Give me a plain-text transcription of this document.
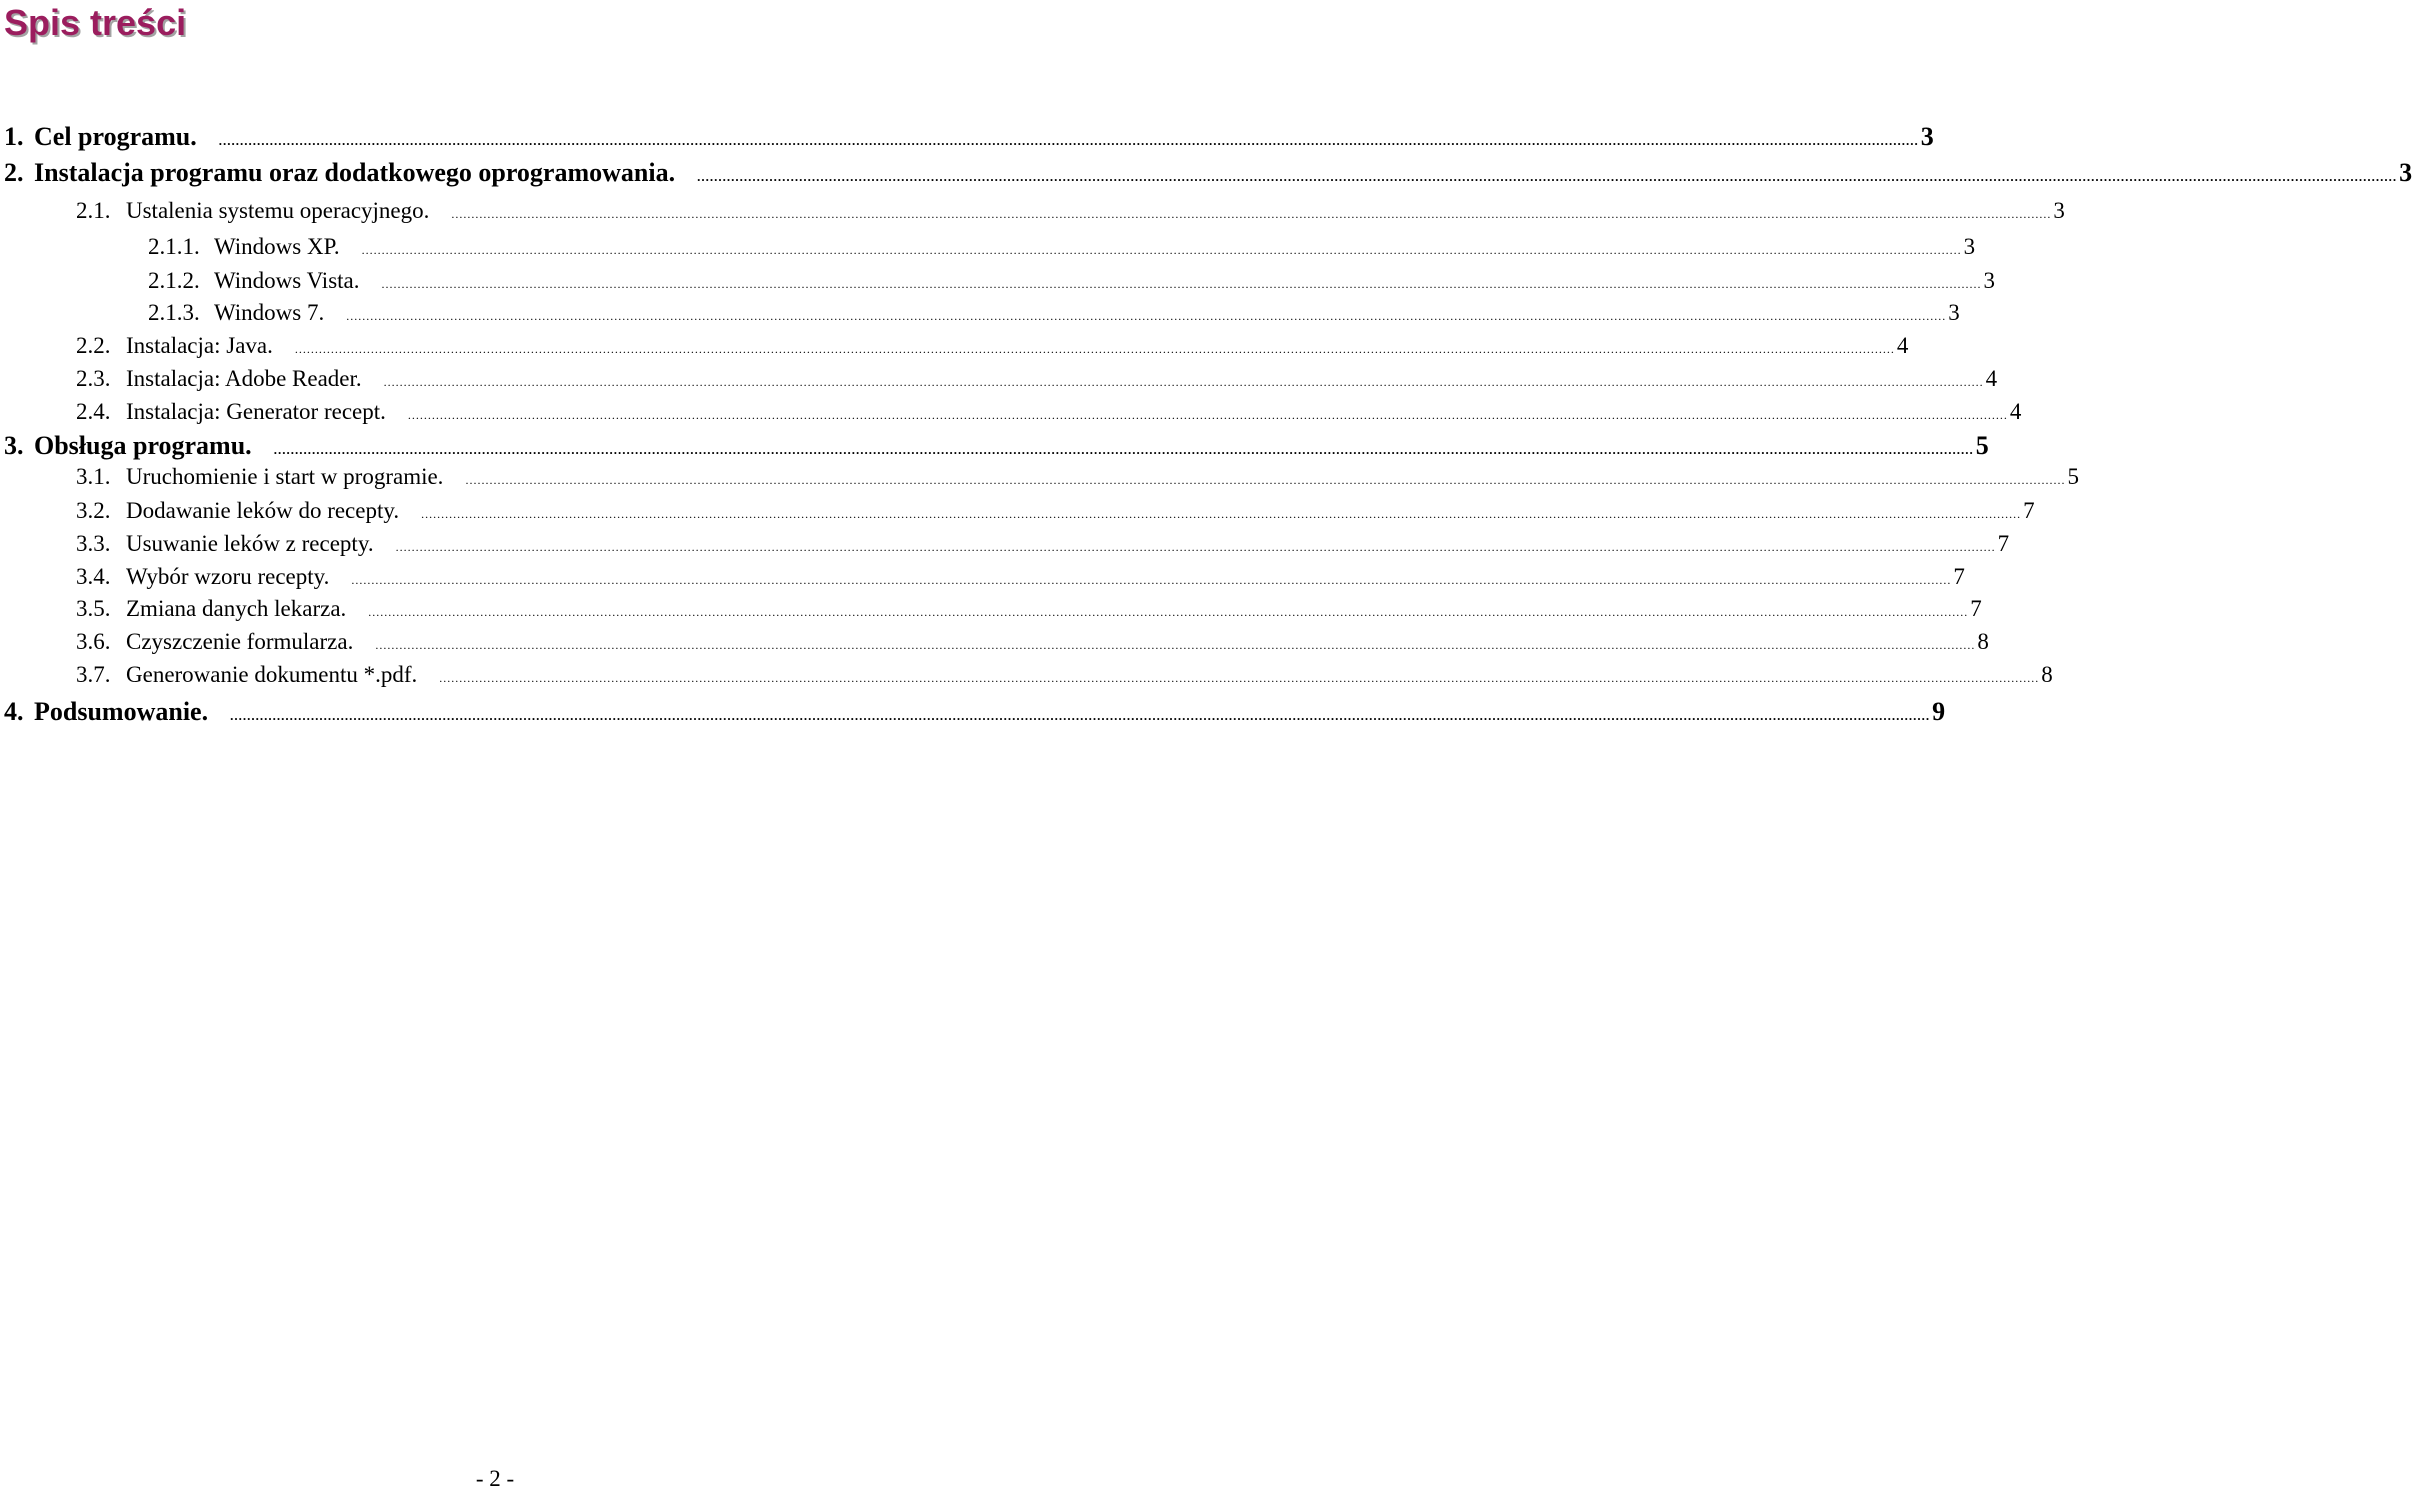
Spis treści
1. Cel programu. ................................................................................................................................................................................................................................................................................................................................................................................................................ 3
2. Instalacja programu oraz dodatkowego oprogramowania. ................................................................................................................................................................................................................................................................................................................................................................................................................ 3
2.1. Ustalenia systemu operacyjnego. ................................................................................................................................................................................................................................................................................................................................................................................................................ 3
2.1.1. Windows XP. ................................................................................................................................................................................................................................................................................................................................................................................................................ 3
2.1.2. Windows Vista. ................................................................................................................................................................................................................................................................................................................................................................................................................ 3
2.1.3. Windows 7. ................................................................................................................................................................................................................................................................................................................................................................................................................ 3
2.2. Instalacja: Java. ................................................................................................................................................................................................................................................................................................................................................................................................................ 4
2.3. Instalacja: Adobe Reader. ................................................................................................................................................................................................................................................................................................................................................................................................................ 4
2.4. Instalacja: Generator recept. ................................................................................................................................................................................................................................................................................................................................................................................................................ 4
3. Obsługa programu. ................................................................................................................................................................................................................................................................................................................................................................................................................ 5
3.1. Uruchomienie i start w programie. ................................................................................................................................................................................................................................................................................................................................................................................................................ 5
3.2. Dodawanie leków do recepty. ................................................................................................................................................................................................................................................................................................................................................................................................................ 7
3.3. Usuwanie leków z recepty. ................................................................................................................................................................................................................................................................................................................................................................................................................ 7
3.4. Wybór wzoru recepty. ................................................................................................................................................................................................................................................................................................................................................................................................................ 7
3.5. Zmiana danych lekarza. ................................................................................................................................................................................................................................................................................................................................................................................................................ 7
3.6. Czyszczenie formularza. ................................................................................................................................................................................................................................................................................................................................................................................................................ 8
3.7. Generowanie dokumentu *.pdf. ................................................................................................................................................................................................................................................................................................................................................................................................................ 8
4. Podsumowanie. ................................................................................................................................................................................................................................................................................................................................................................................................................ 9
- 2 -
